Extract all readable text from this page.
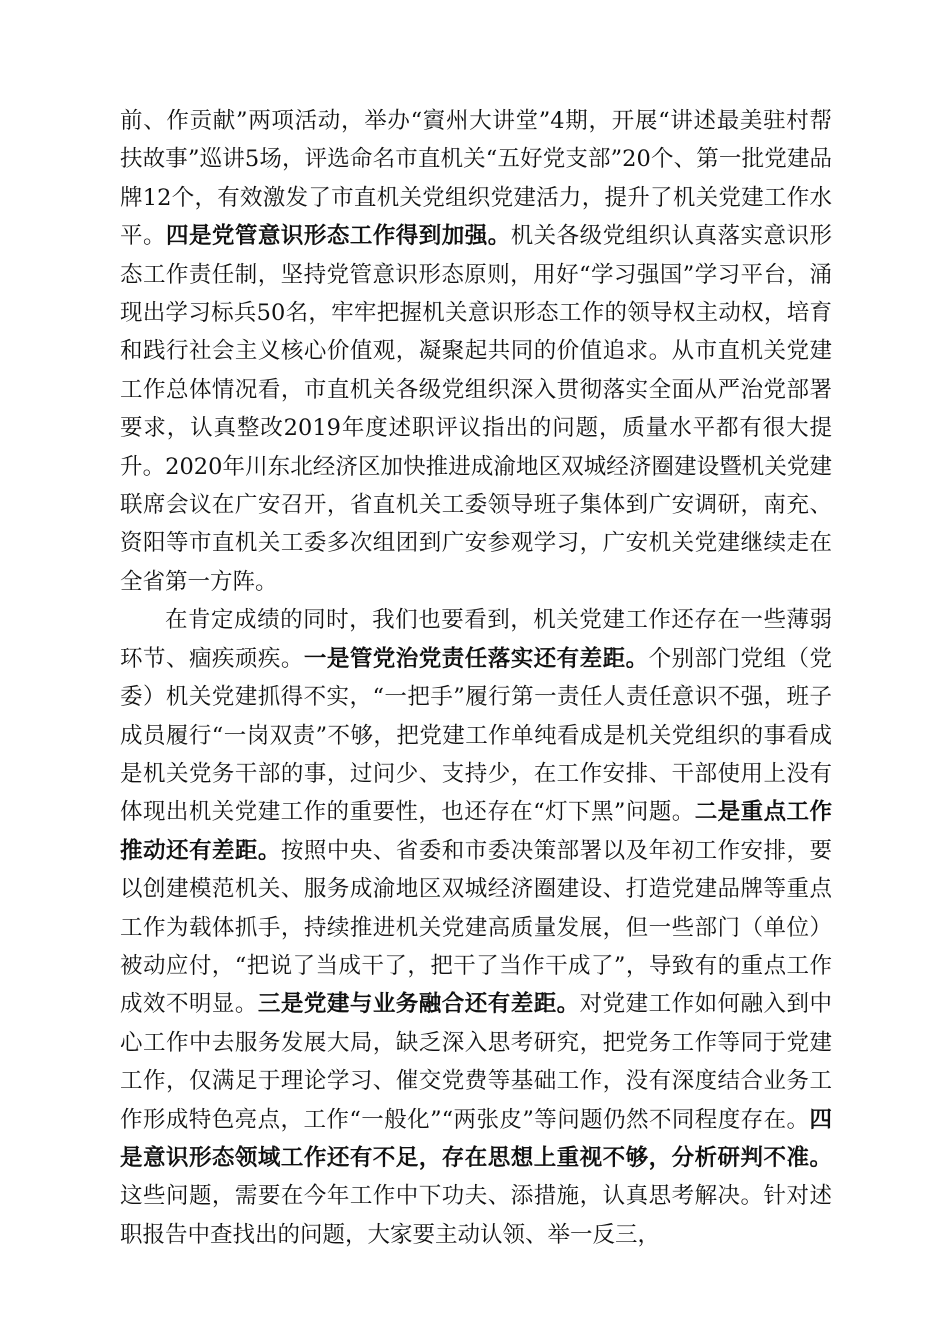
前、作贡献”两项活动，举办“賨州大讲堂”4期，开展“讲述最美驻村帮扶故事”巡讲5场，评选命名市直机关“五好党支部”20个、第一批党建品牌12个，有效激发了市直机关党组织党建活力，提升了机关党建工作水平。四是党管意识形态工作得到加强。机关各级党组织认真落实意识形态工作责任制，坚持党管意识形态原则，用好“学习强国”学习平台，涌现出学习标兵50名，牢牢把握机关意识形态工作的领导权主动权，培育和践行社会主义核心价值观，凝聚起共同的价值追求。从市直机关党建工作总体情况看，市直机关各级党组织深入贯彻落实全面从严治党部署要求，认真整改2019年度述职评议指出的问题，质量水平都有很大提升。2020年川东北经济区加快推进成渝地区双城经济圈建设暨机关党建联席会议在广安召开，省直机关工委领导班子集体到广安调研，南充、资阳等市直机关工委多次组团到广安参观学习，广安机关党建继续走在全省第一方阵。

在肯定成绩的同时，我们也要看到，机关党建工作还存在一些薄弱环节、痼疾顽疾。一是管党治党责任落实还有差距。个别部门党组（党委）机关党建抓得不实，“一把手”履行第一责任人责任意识不强，班子成员履行“一岗双责”不够，把党建工作单纯看成是机关党组织的事看成是机关党务干部的事，过问少、支持少，在工作安排、干部使用上没有体现出机关党建工作的重要性，也还存在“灯下黑”问题。二是重点工作推动还有差距。按照中央、省委和市委决策部署以及年初工作安排，要以创建模范机关、服务成渝地区双城经济圈建设、打造党建品牌等重点工作为载体抓手，持续推进机关党建高质量发展，但一些部门（单位）被动应付，“把说了当成干了，把干了当作干成了”，导致有的重点工作成效不明显。三是党建与业务融合还有差距。对党建工作如何融入到中心工作中去服务发展大局，缺乏深入思考研究，把党务工作等同于党建工作，仅满足于理论学习、催交党费等基础工作，没有深度结合业务工作形成特色亮点，工作“一般化”“两张皮”等问题仍然不同程度存在。四是意识形态领域工作还有不足，存在思想上重视不够，分析研判不准。这些问题，需要在今年工作中下功夫、添措施，认真思考解决。针对述职报告中查找出的问题，大家要主动认领、举一反三，
